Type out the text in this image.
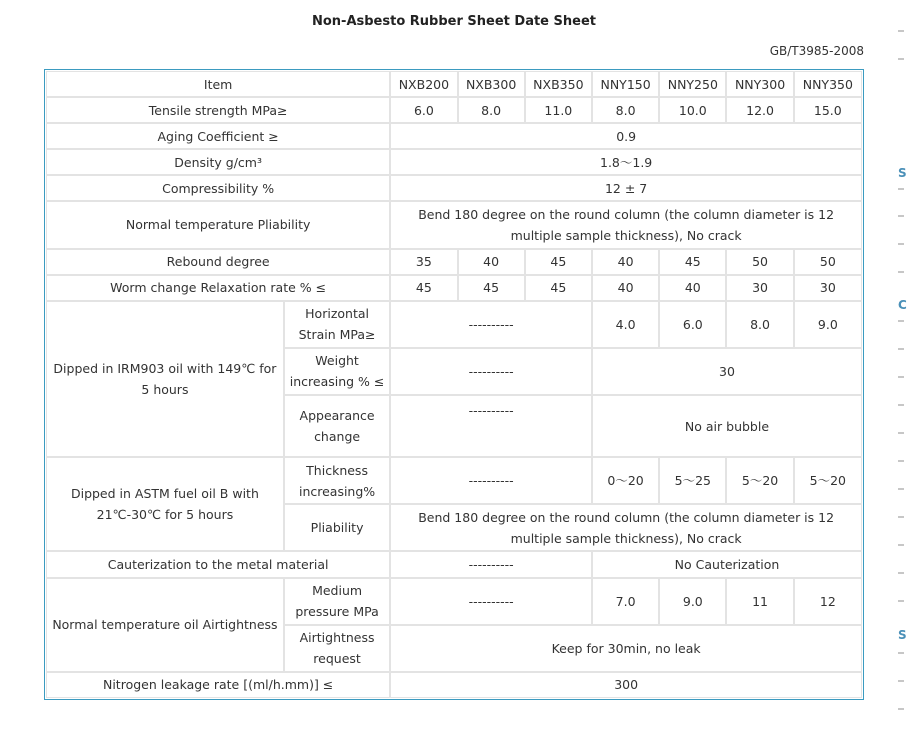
Non-Asbesto Rubber Sheet Date Sheet
GB/T3985-2008
Item		NXB200	NXB300	NXB350	NNY150	NNY250	NNY300	NNY350
Tensile strength MPa≥		6.0	8.0	11.0	8.0	10.0	12.0	15.0
Aging Coefficient ≥		0.9						
Density g/cm³		1.8～1.9						
Compressibility %		12 ± 7						
Normal temperature Pliability		Bend 180 degree on the round column (the column diameter is 12 multiple sample thickness), No crack						
Rebound degree		35	40	45	40	45	50	50
Worm change Relaxation rate % ≤		45	45	45	40	40	30	30
Dipped in IRM903 oil with 149℃ for 5 hours	Horizontal Strain MPa≥	----------			4.0	6.0	8.0	9.0
	Weight increasing % ≤	----------			30			
	Appearance change	----------			No air bubble			
Dipped in ASTM fuel oil B with 21℃-30℃ for 5 hours	Thickness increasing%	----------			0～20	5～25	5～20	5～20
	Pliability	Bend 180 degree on the round column (the column diameter is 12 multiple sample thickness), No crack						
Cauterization to the metal material		----------			No Cauterization			
Normal temperature oil Airtightness	Medium pressure MPa	----------			7.0	9.0	11	12
	Airtightness request	Keep for 30min, no leak						
Nitrogen leakage rate [(ml/h.mm)] ≤		300						
S
C
S
